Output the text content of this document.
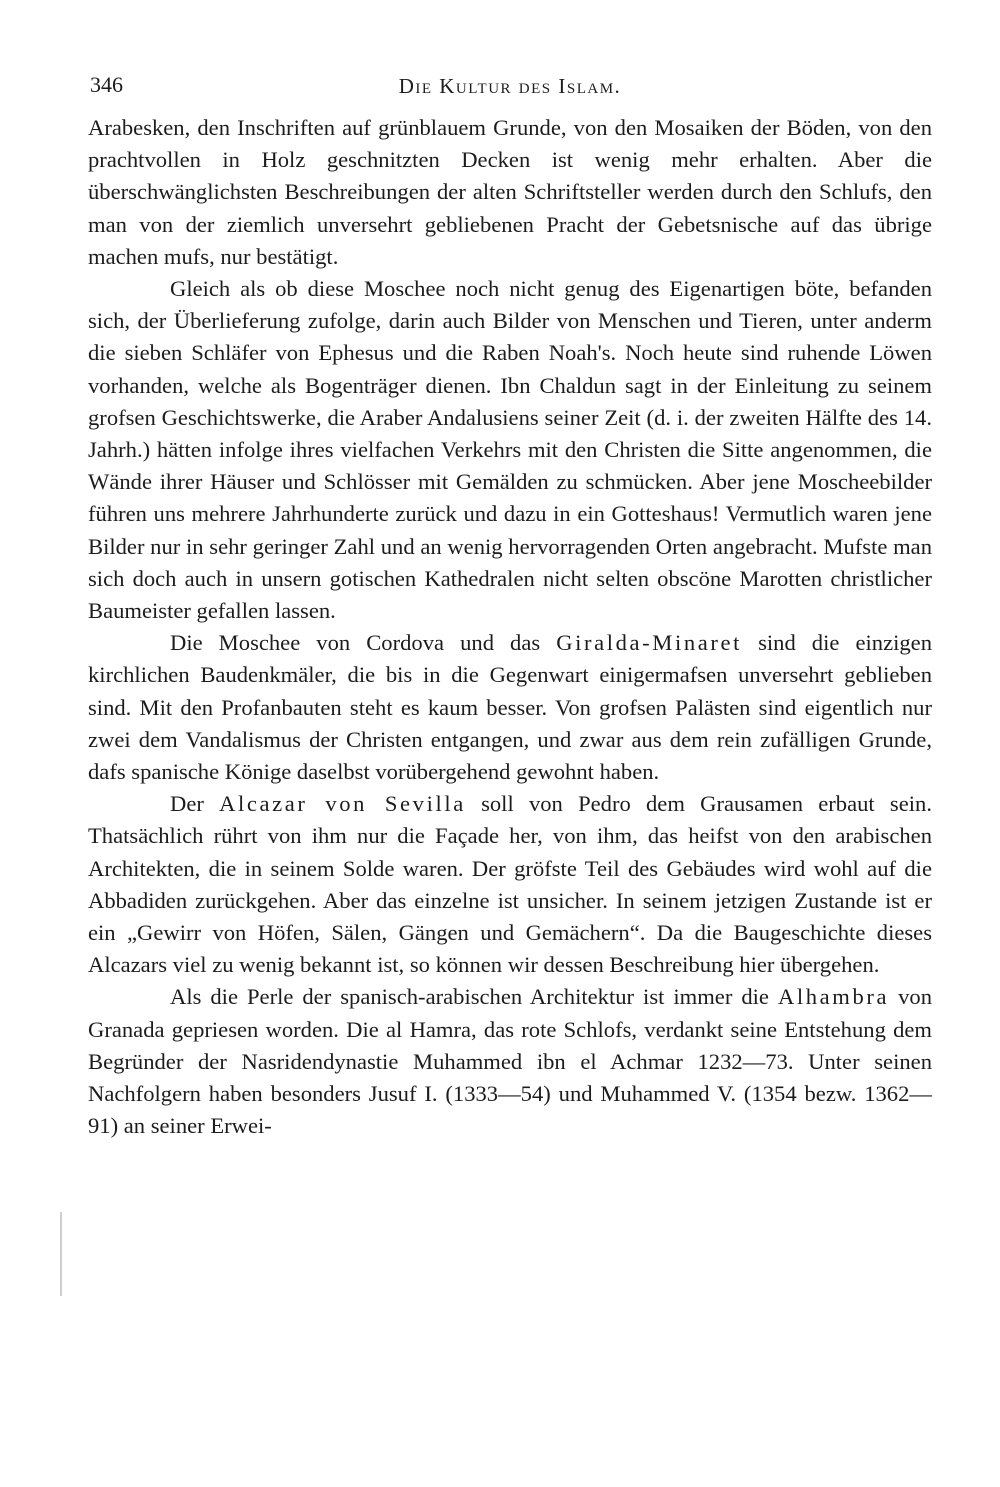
346	Die Kultur des Islam.

Arabesken, den Inschriften auf grünblauem Grunde, von den Mosaiken der Böden, von den prachtvollen in Holz geschnitzten Decken ist wenig mehr erhalten. Aber die überschwänglichsten Beschreibungen der alten Schriftsteller werden durch den Schlufs, den man von der ziemlich unversehrt gebliebenen Pracht der Gebetsnische auf das übrige machen mufs, nur bestätigt.

Gleich als ob diese Moschee noch nicht genug des Eigenartigen böte, befanden sich, der Überlieferung zufolge, darin auch Bilder von Menschen und Tieren, unter anderm die sieben Schläfer von Ephesus und die Raben Noah's. Noch heute sind ruhende Löwen vorhanden, welche als Bogenträger dienen. Ibn Chaldun sagt in der Einleitung zu seinem grofsen Geschichtswerke, die Araber Andalusiens seiner Zeit (d. i. der zweiten Hälfte des 14. Jahrh.) hätten infolge ihres vielfachen Verkehrs mit den Christen die Sitte angenommen, die Wände ihrer Häuser und Schlösser mit Gemälden zu schmücken. Aber jene Moscheebilder führen uns mehrere Jahrhunderte zurück und dazu in ein Gotteshaus! Vermutlich waren jene Bilder nur in sehr geringer Zahl und an wenig hervorragenden Orten angebracht. Mufste man sich doch auch in unsern gotischen Kathedralen nicht selten obscöne Marotten christlicher Baumeister gefallen lassen.

Die Moschee von Cordova und das Giralda-Minaret sind die einzigen kirchlichen Baudenkmäler, die bis in die Gegenwart einigermafsen unversehrt geblieben sind. Mit den Profanbauten steht es kaum besser. Von grofsen Palästen sind eigentlich nur zwei dem Vandalismus der Christen entgangen, und zwar aus dem rein zufälligen Grunde, dafs spanische Könige daselbst vorübergehend gewohnt haben.

Der Alcazar von Sevilla soll von Pedro dem Grausamen erbaut sein. Thatsächlich rührt von ihm nur die Façade her, von ihm, das heifst von den arabischen Architekten, die in seinem Solde waren. Der gröfste Teil des Gebäudes wird wohl auf die Abbadiden zurückgehen. Aber das einzelne ist unsicher. In seinem jetzigen Zustande ist er ein „Gewirr von Höfen, Sälen, Gängen und Gemächern“. Da die Baugeschichte dieses Alcazars viel zu wenig bekannt ist, so können wir dessen Beschreibung hier übergehen.

Als die Perle der spanisch-arabischen Architektur ist immer die Alhambra von Granada gepriesen worden. Die al Hamra, das rote Schlofs, verdankt seine Entstehung dem Begründer der Nasridendynastie Muhammed ibn el Achmar 1232—73. Unter seinen Nachfolgern haben besonders Jusuf I. (1333—54) und Muhammed V. (1354 bezw. 1362—91) an seiner Erwei-
